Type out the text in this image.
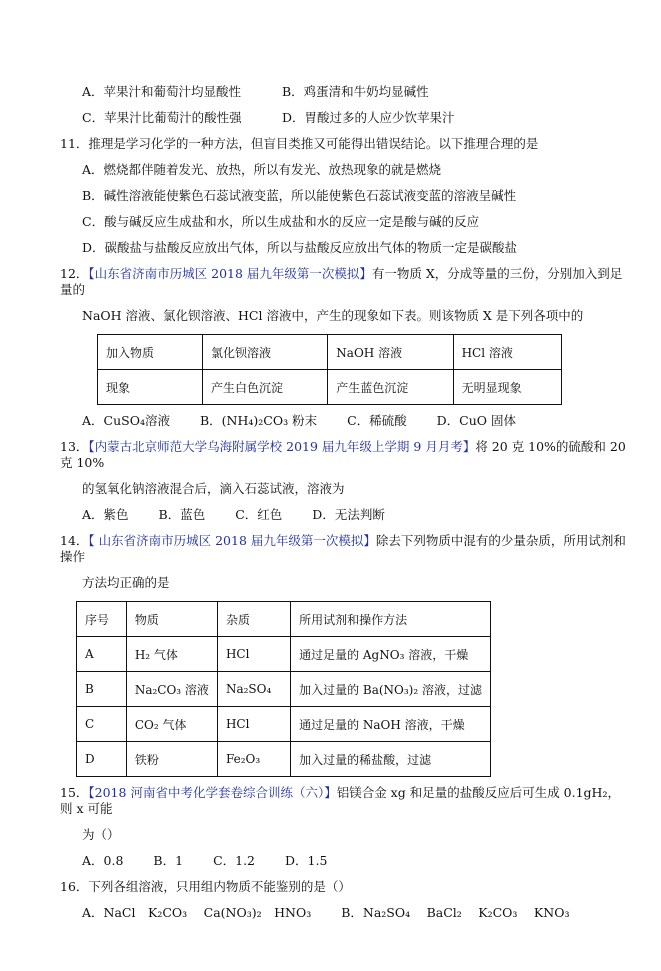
A．苹果汁和葡萄汁均显酸性	B．鸡蛋清和牛奶均显碱性
C．苹果汁比葡萄汁的酸性强	D．胃酸过多的人应少饮苹果汁
11．推理是学习化学的一种方法，但盲目类推又可能得出错误结论。以下推理合理的是
A．燃烧都伴随着发光、放热，所以有发光、放热现象的就是燃烧
B．碱性溶液能使紫色石蕊试液变蓝，所以能使紫色石蕊试液变蓝的溶液呈碱性
C．酸与碱反应生成盐和水，所以生成盐和水的反应一定是酸与碱的反应
D．碳酸盐与盐酸反应放出气体，所以与盐酸反应放出气体的物质一定是碳酸盐
12．【山东省济南市历城区 2018 届九年级第一次模拟】有一物质 X，分成等量的三份，分别加入到足量的
NaOH 溶液、氯化钡溶液、HCl 溶液中，产生的现象如下表。则该物质 X 是下列各项中的
加入物质	氯化钡溶液	NaOH 溶液	HCl 溶液
现象	产生白色沉淀	产生蓝色沉淀	无明显现象
A．CuSO₄溶液 B．(NH₄)₂CO₃ 粉末 C．稀硫酸 D．CuO 固体
13．【内蒙古北京师范大学乌海附属学校 2019 届九年级上学期 9 月月考】将 20 克 10%的硫酸和 20 克 10%
的氢氧化钠溶液混合后，滴入石蕊试液，溶液为
A．紫色 B．蓝色 C．红色 D．无法判断
14．【 山东省济南市历城区 2018 届九年级第一次模拟】除去下列物质中混有的少量杂质，所用试剂和操作
方法均正确的是
序号	物质	杂质	所用试剂和操作方法
A	H₂ 气体	HCl	通过足量的 AgNO₃ 溶液，干燥
B	Na₂CO₃ 溶液	Na₂SO₄	加入过量的 Ba(NO₃)₂ 溶液，过滤
C	CO₂ 气体	HCl	通过足量的 NaOH 溶液，干燥
D	铁粉	Fe₂O₃	加入过量的稀盐酸，过滤
15．【2018 河南省中考化学套卷综合训练（六）】铝镁合金 xg 和足量的盐酸反应后可生成 0.1gH₂，则 x 可能
为（）
A．0.8 B．1 C．1.2 D．1.5
16．下列各组溶液，只用组内物质不能鉴别的是（）
A．NaCl　K₂CO₃　 Ca(NO₃)₂　HNO₃ B．Na₂SO₄　 BaCl₂　 K₂CO₃　 KNO₃
